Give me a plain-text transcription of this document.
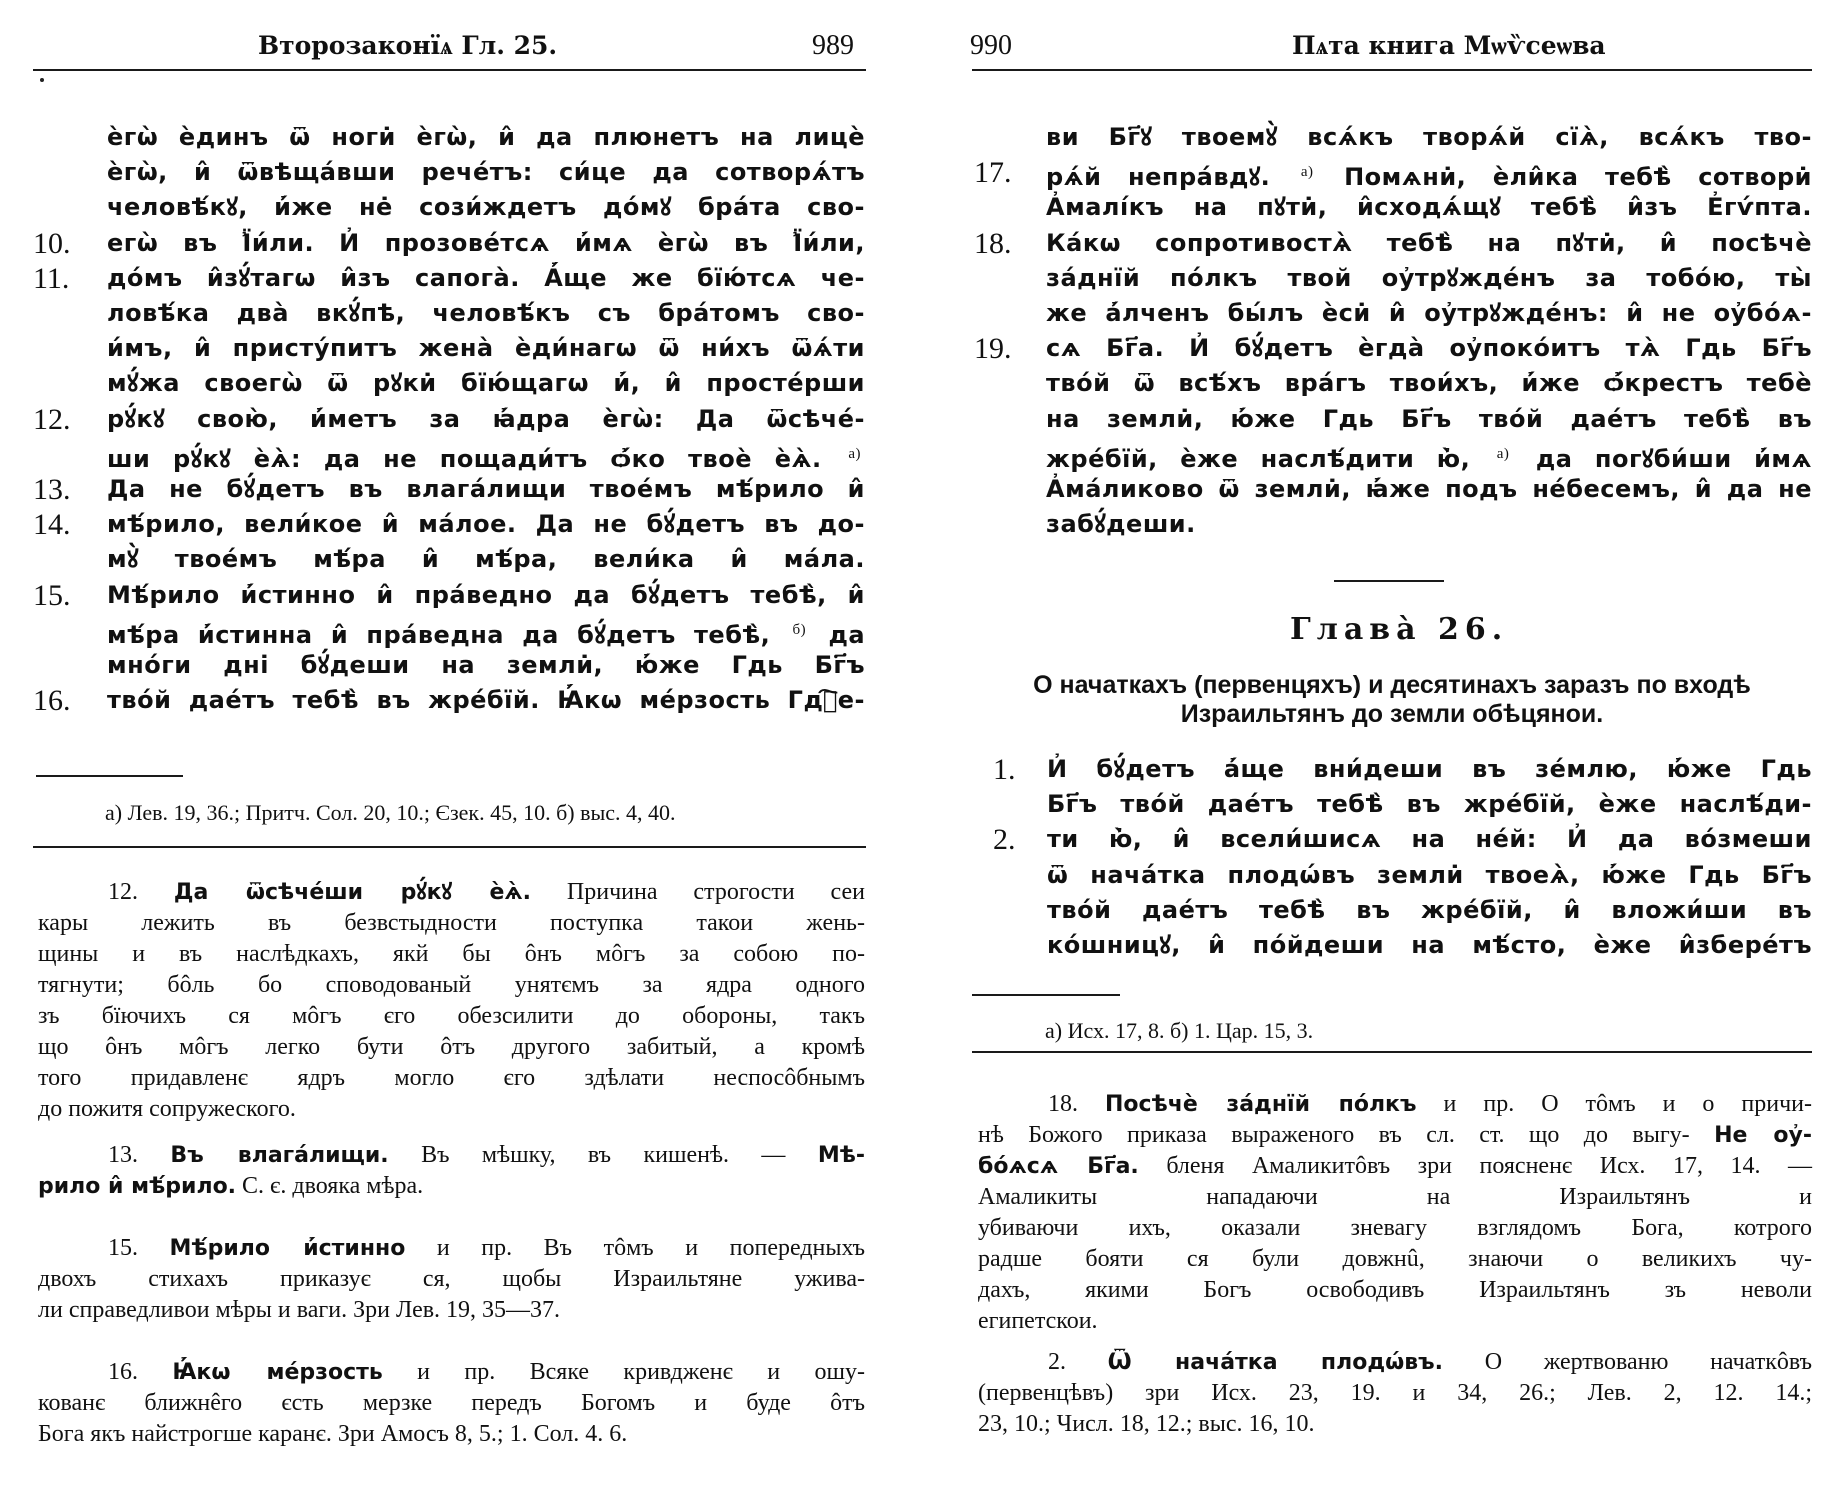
Второзаконїѧ Гл. 25.	989
ѐгѡ̀ ѐдинъ ѿ ноги̇ ѐгѡ̀, и̂ да плюнетъ на лицѐ
ѐгѡ̀, и̂ ѿвѣща́вши рече́тъ: си́це да сотворѧ́тъ
человѣ́кꙋ, и҆́же не̇ сози́ждетъ до́мꙋ бра́та сво-
10. егѡ̀ въ Ї҆и́ли. И҆ прозове́тсѧ и҆́мѧ ѐгѡ̀ въ Ї҆и́ли,
11. до́мъ и̂зꙋ́тагѡ и̂зъ сапога̀. А҆́ще же бїю́тсѧ че-
ловѣ́ка два̀ вкꙋ́пѣ, человѣ́къ съ бра́томъ сво-
и́мъ, и̂ присту́питъ жена̀ ѐди́нагѡ ѿ ни́хъ ѿѧ́ти
мꙋ́жа своегѡ̀ ѿ рꙋки̇ бїю́щагѡ и҆҆́, и̂ просте́рши
12. рꙋ́кꙋ свою̀, и҆́метъ за ꙗ҆́дра ѐгѡ̀: Да ѿсѣче́-
ши рꙋ́кꙋ ѐѧ̀: да не пощади́тъ ѻ҆́ко твоѐ ѐѧ̀. $^{а)}$
13. Да не бꙋ́детъ въ влага́лищи твое́мъ мѣ́рило и̂
14. мѣ́рило, вели́кое и̂ ма́лое. Да не бꙋ́детъ въ до-
мꙋ̀ твое́мъ мѣ́ра и̂ мѣ́ра, вели́ка и̂ ма́ла.
15. Мѣ́рило и҆́стинно и̂ пра́ведно да бꙋ́детъ тебѣ̀, и̂
мѣ́ра и҆́стинна и̂ пра́ведна да бꙋ́детъ тебѣ̀, $^{б)}$ да
мно́ги дні̇ бꙋ́деши на земли̇, ю҆́же Гдь Бг҃ъ
16. тво́й дае́тъ тебѣ̀ въ жре́бїй. Ꙗ҆́кѡ ме́рзость Гдⷭ҇е-
а) Лев. 19, 36.; Притч. Сол. 20, 10.; Єзек. 45, 10. б) выс. 4, 40.
12. Да ѿсѣче́ши рꙋ́кꙋ ѐѧ̀. Причина строгости сеи
кары лежить въ безвстыдности поступка такои жень-
щины и въ наслѣдкахъ, якй бы ôнъ мôгъ за собою по-
тягнути; бôль бо споводованый унятємъ за ядра одного
зъ бïючихъ ся мôгъ єго обезсилити до обороны, такъ
що ôнъ мôгъ легко бути ôтъ другого забитый, а кромѣ
того придавленє ядръ могло єго здѣлати неспосôбнымъ
до пожитя сопружеского.
13. Въ влага́лищи. Въ мѣшку, въ кишенѣ. — Мѣ-
рило и̂ мѣ́рило. С. є. двояка мѣра.
15. Мѣ́рило и҆́стинно и пр. Въ тôмъ и попередныхъ
двохъ стихахъ приказує ся, щобы Израильтяне ужива-
ли справедливои мѣры и ваги. Зри Лев. 19, 35—37.
16. Ꙗ҆́кѡ ме́рзость и пр. Всяке кривдженє и ошу-
кованє ближнêго єсть мерзке передъ Богомъ и буде ôтъ
Бога якъ найстрогше каранє. Зри Амосъ 8, 5.; 1. Сол. 4. 6.
990	Пѧта книга Мѡѷсеѡва
ви Бг҃ꙋ твоемꙋ̀ всѧ́къ творѧ́й сїѧ̀, всѧ́къ тво-
17. рѧ́й непра́вдꙋ. $^{а)}$ Помѧни̇, ѐли̂ка тебѣ̀ сотвори̇
А҆малі́къ на пꙋти̇, и̂сходѧ́щꙋ тебѣ̀ и̂зъ Е҆гѵ́пта.
18. Ка́кѡ сопротивостѧ̀ тебѣ̀ на пꙋти̇, и̂ посѣчѐ
за́днїй по́лкъ твой оу҆трꙋжде́нъ за тобо́ю, ты̀
же а҆́лченъ бы́лъ ѐси̇ и̂ оу҆трꙋжде́нъ: и̂ не оу҆бо́ѧ-
19. сѧ Бг҃а. И҆ бꙋ́детъ ѐгда̀ оу҆поко́итъ тѧ̀ Гдь Бг҃ъ
тво́й ѿ всѣ́хъ вра́гъ твои́хъ, и҆́же ѻ҆́крестъ тебѐ
на земли̇, ю҆́же Гдь Бг҃ъ тво́й дае́тъ тебѣ̀ въ
жре́бїй, ѐже наслѣ́дити ю҆̀, $^{а)}$ да погꙋби́ши и҆́мѧ
А҆ма́ликово ѿ земли̇, ꙗ҆́же подъ не́бесемъ, и̂ да не
забꙋ́деши.
Глава̀ 26.
О начаткахъ (первенцяхъ) и десятинахъ заразъ по входѣ
Израильтянъ до земли обѣцянои.
1. И҆ бꙋ́детъ а҆́ще вни́деши въ зе́млю, ю҆́же Гдь
Бг҃ъ тво́й дае́тъ тебѣ̀ въ жре́бїй, ѐже наслѣ́ди-
2. ти ю҆̀, и̂ всели́шисѧ на не́й: И҆ да во́змеши
ѿ нача́тка плодѡ́въ земли̇ твоеѧ̀, ю҆́же Гдь Бг҃ъ
тво́й дае́тъ тебѣ̀ въ жре́бїй, и̂ вложи́ши въ
ко́шницꙋ, и̂ по́йдеши на мѣ́сто, ѐже и̂збере́тъ
а) Исх. 17, 8. б) 1. Цар. 15, 3.
18. Посѣчѐ за́днїй по́лкъ и пр. О тôмъ и о причи-
нѣ Божого приказа выраженого въ сл. ст. що до выгу- Не оу҆-
бо́ѧсѧ Бг҃а. бленя Амаликитôвъ зри поясненє Исх. 17, 14. —
Амаликиты нападаючи на Израильтянъ и
убиваючи ихъ, оказали зневагу взглядомъ Бога, котрого
радше бояти ся були довжнû, знаючи о великихъ чу-
дахъ, якими Богъ освободивъ Израильтянъ зъ неволи
египетскои.
2. Ѿ нача́тка плодѡ́въ. О жертвованю начаткôвъ
(первенцѣвъ) зри Исх. 23, 19. и 34, 26.; Лев. 2, 12. 14.;
23, 10.; Числ. 18, 12.; выс. 16, 10.
